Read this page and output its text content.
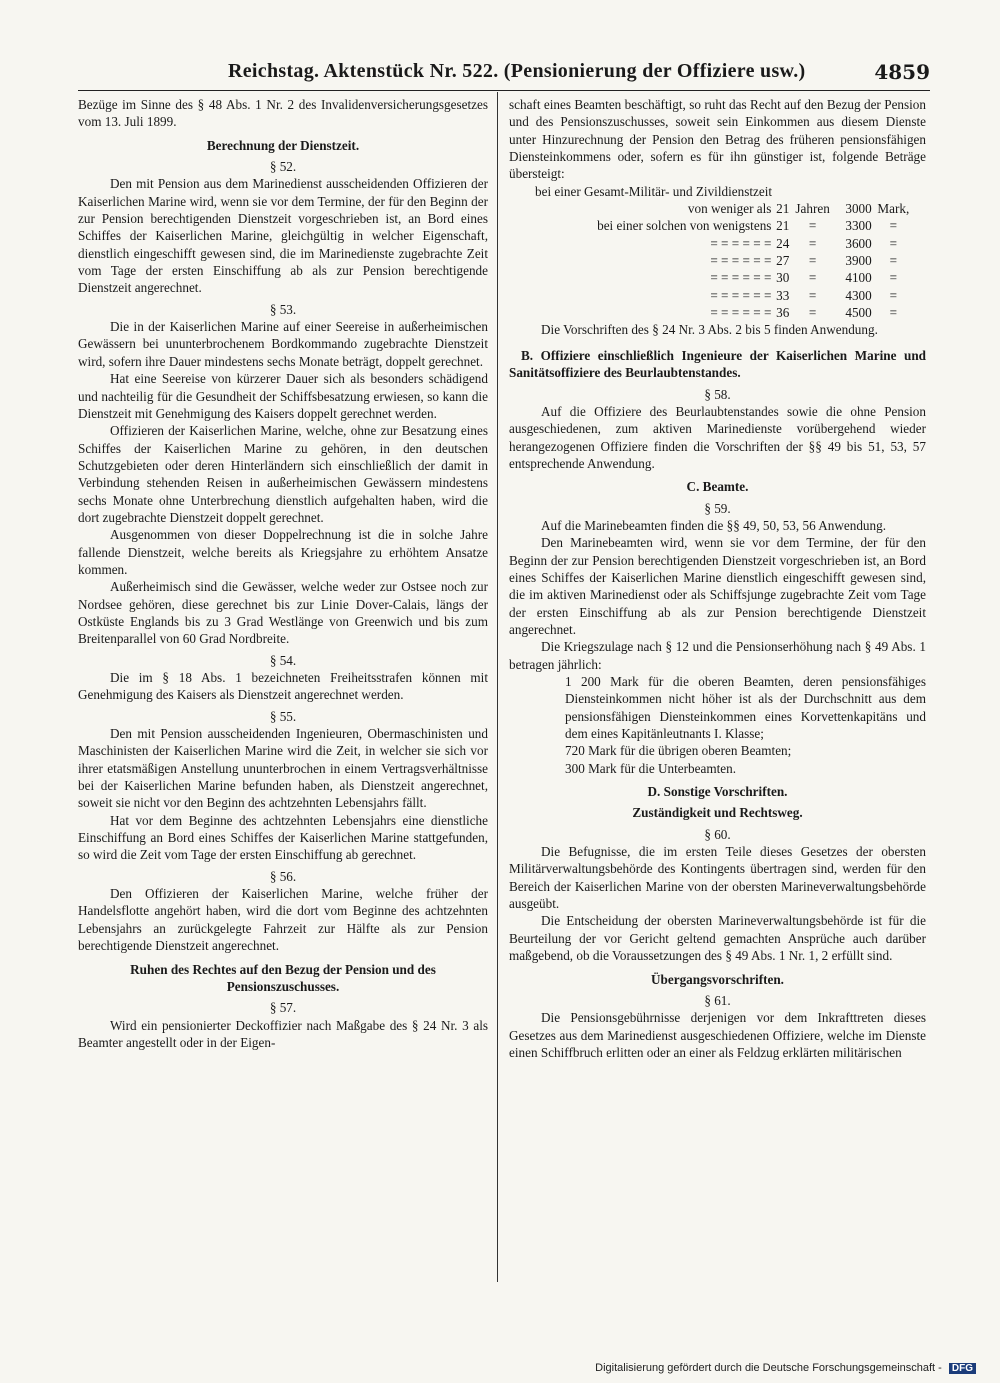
Reichstag. Aktenstück Nr. 522. (Pensionierung der Offiziere usw.)	4859

Bezüge im Sinne des § 48 Abs. 1 Nr. 2 des Invalidenversicherungsgesetzes vom 13. Juli 1899.

Berechnung der Dienstzeit.
§ 52.

Den mit Pension aus dem Marinedienst ausscheidenden Offizieren der Kaiserlichen Marine wird, wenn sie vor dem Termine, der für den Beginn der zur Pension berechtigenden Dienstzeit vorgeschrieben ist, an Bord eines Schiffes der Kaiserlichen Marine, gleichgültig in welcher Eigenschaft, dienstlich eingeschifft gewesen sind, die im Marinedienste zugebrachte Zeit vom Tage der ersten Einschiffung ab als zur Pension berechtigende Dienstzeit angerechnet.

§ 53.

Die in der Kaiserlichen Marine auf einer Seereise in außerheimischen Gewässern bei ununterbrochenem Bordkommando zugebrachte Dienstzeit wird, sofern ihre Dauer mindestens sechs Monate beträgt, doppelt gerechnet.

Hat eine Seereise von kürzerer Dauer sich als besonders schädigend und nachteilig für die Gesundheit der Schiffsbesatzung erwiesen, so kann die Dienstzeit mit Genehmigung des Kaisers doppelt gerechnet werden.

Offizieren der Kaiserlichen Marine, welche, ohne zur Besatzung eines Schiffes der Kaiserlichen Marine zu gehören, in den deutschen Schutzgebieten oder deren Hinterländern sich einschließlich der damit in Verbindung stehenden Reisen in außerheimischen Gewässern mindestens sechs Monate ohne Unterbrechung dienstlich aufgehalten haben, wird die dort zugebrachte Dienstzeit doppelt gerechnet.

Ausgenommen von dieser Doppelrechnung ist die in solche Jahre fallende Dienstzeit, welche bereits als Kriegsjahre zu erhöhtem Ansatze kommen.

Außerheimisch sind die Gewässer, welche weder zur Ostsee noch zur Nordsee gehören, diese gerechnet bis zur Linie Dover-Calais, längs der Ostküste Englands bis zu 3 Grad Westlänge von Greenwich und bis zum Breitenparallel von 60 Grad Nordbreite.

§ 54.

Die im § 18 Abs. 1 bezeichneten Freiheitsstrafen können mit Genehmigung des Kaisers als Dienstzeit angerechnet werden.

§ 55.

Den mit Pension ausscheidenden Ingenieuren, Obermaschinisten und Maschinisten der Kaiserlichen Marine wird die Zeit, in welcher sie sich vor ihrer etatsmäßigen Anstellung ununterbrochen in einem Vertragsverhältnisse bei der Kaiserlichen Marine befunden haben, als Dienstzeit angerechnet, soweit sie nicht vor den Beginn des achtzehnten Lebensjahrs fällt.

Hat vor dem Beginne des achtzehnten Lebensjahrs eine dienstliche Einschiffung an Bord eines Schiffes der Kaiserlichen Marine stattgefunden, so wird die Zeit vom Tage der ersten Einschiffung ab gerechnet.

§ 56.

Den Offizieren der Kaiserlichen Marine, welche früher der Handelsflotte angehört haben, wird die dort vom Beginne des achtzehnten Lebensjahrs an zurückgelegte Fahrzeit zur Hälfte als zur Pension berechtigende Dienstzeit angerechnet.

Ruhen des Rechtes auf den Bezug der Pension und des Pensionszuschusses.
§ 57.

Wird ein pensionierter Deckoffizier nach Maßgabe des § 24 Nr. 3 als Beamter angestellt oder in der Eigen-

schaft eines Beamten beschäftigt, so ruht das Recht auf den Bezug der Pension und des Pensionszuschusses, soweit sein Einkommen aus diesem Dienste unter Hinzurechnung der Pension den Betrag des früheren pensionsfähigen Diensteinkommens oder, sofern es für ihn günstiger ist, folgende Beträge übersteigt:

bei einer Gesamt-Militär- und Zivildienstzeit

von weniger als	21	Jahren	3000	Mark,
bei einer solchen von wenigstens	21	=	3300	=
= = = = = =	24	=	3600	=
= = = = = =	27	=	3900	=
= = = = = =	30	=	4100	=
= = = = = =	33	=	4300	=
= = = = = =	36	=	4500	=

Die Vorschriften des § 24 Nr. 3 Abs. 2 bis 5 finden Anwendung.

B. Offiziere einschließlich Ingenieure der Kaiserlichen Marine und Sanitätsoffiziere des Beurlaubtenstandes.
§ 58.

Auf die Offiziere des Beurlaubtenstandes sowie die ohne Pension ausgeschiedenen, zum aktiven Marinedienste vorübergehend wieder herangezogenen Offiziere finden die Vorschriften der §§ 49 bis 51, 53, 57 entsprechende Anwendung.

C. Beamte.
§ 59.

Auf die Marinebeamten finden die §§ 49, 50, 53, 56 Anwendung.

Den Marinebeamten wird, wenn sie vor dem Termine, der für den Beginn der zur Pension berechtigenden Dienstzeit vorgeschrieben ist, an Bord eines Schiffes der Kaiserlichen Marine dienstlich eingeschifft gewesen sind, die im aktiven Marinedienst oder als Schiffsjunge zugebrachte Zeit vom Tage der ersten Einschiffung ab als zur Pension berechtigende Dienstzeit angerechnet.

Die Kriegszulage nach § 12 und die Pensionserhöhung nach § 49 Abs. 1 betragen jährlich:

1 200 Mark für die oberen Beamten, deren pensionsfähiges Diensteinkommen nicht höher ist als der Durchschnitt aus dem pensionsfähigen Diensteinkommen eines Korvettenkapitäns und dem eines Kapitänleutnants I. Klasse;

720 Mark für die übrigen oberen Beamten;

300 Mark für die Unterbeamten.

D. Sonstige Vorschriften.
Zuständigkeit und Rechtsweg.
§ 60.

Die Befugnisse, die im ersten Teile dieses Gesetzes der obersten Militärverwaltungsbehörde des Kontingents übertragen sind, werden für den Bereich der Kaiserlichen Marine von der obersten Marineverwaltungsbehörde ausgeübt.

Die Entscheidung der obersten Marineverwaltungsbehörde ist für die Beurteilung der vor Gericht geltend gemachten Ansprüche auch darüber maßgebend, ob die Voraussetzungen des § 49 Abs. 1 Nr. 1, 2 erfüllt sind.

Übergangsvorschriften.
§ 61.

Die Pensionsgebührnisse derjenigen vor dem Inkrafttreten dieses Gesetzes aus dem Marinedienst ausgeschiedenen Offiziere, welche im Dienste einen Schiffbruch erlitten oder an einer als Feldzug erklärten militärischen

Digitalisierung gefördert durch die Deutsche Forschungsgemeinschaft - DFG
